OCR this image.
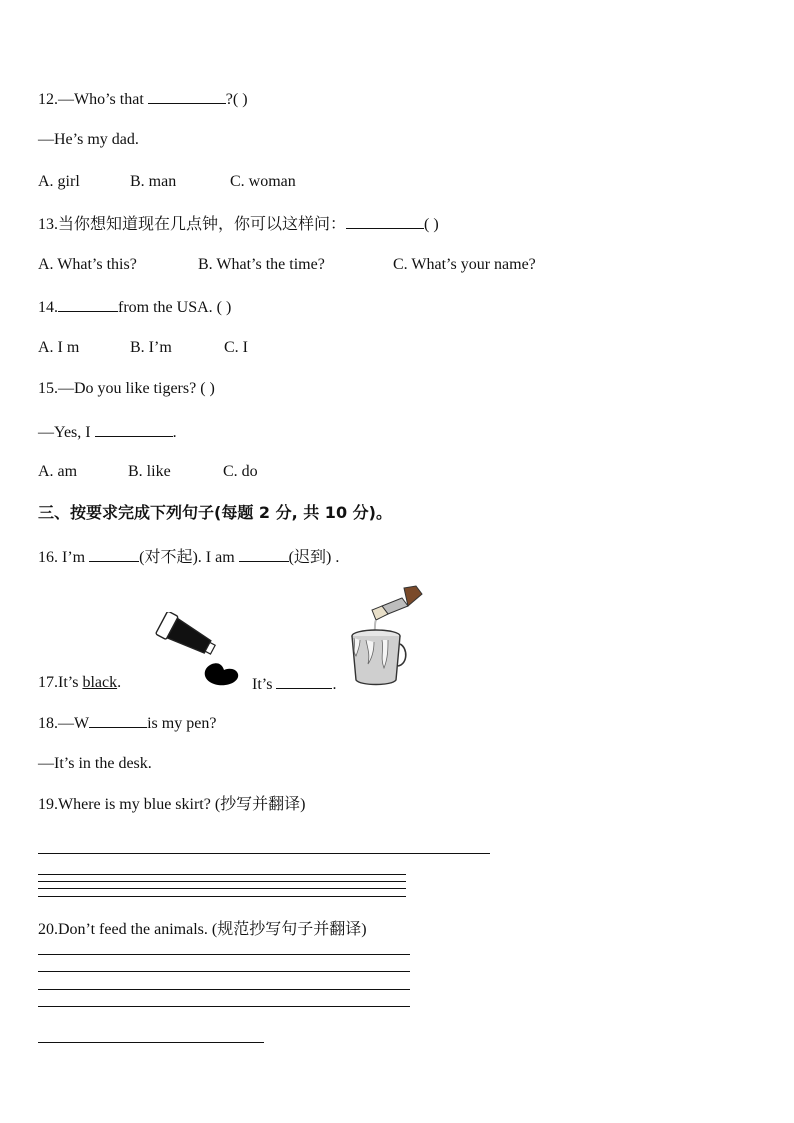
12.—Who’s that	?( )
—He’s my dad.
A. girl	B. man	C. woman
13.当你想知道现在几点钟，你可以这样问：	( )
A. What’s this?	B. What’s the time?	C. What’s your name?
14.	from the USA. ( )
A. I m	B. I’m	C. I
15.—Do you like tigers? ( )
—Yes, I	.
A. am	B. like	C. do
三、按要求完成下列句子(每题 2 分, 共 10 分)。
16. I’m	(对不起). I am	(迟到) .
17.It’s black.	It’s	.
18.—W	is my pen?
—It’s in the desk.
19.Where is my blue skirt? (抄写并翻译)
20.Don’t feed the animals. (规范抄写句子并翻译)
